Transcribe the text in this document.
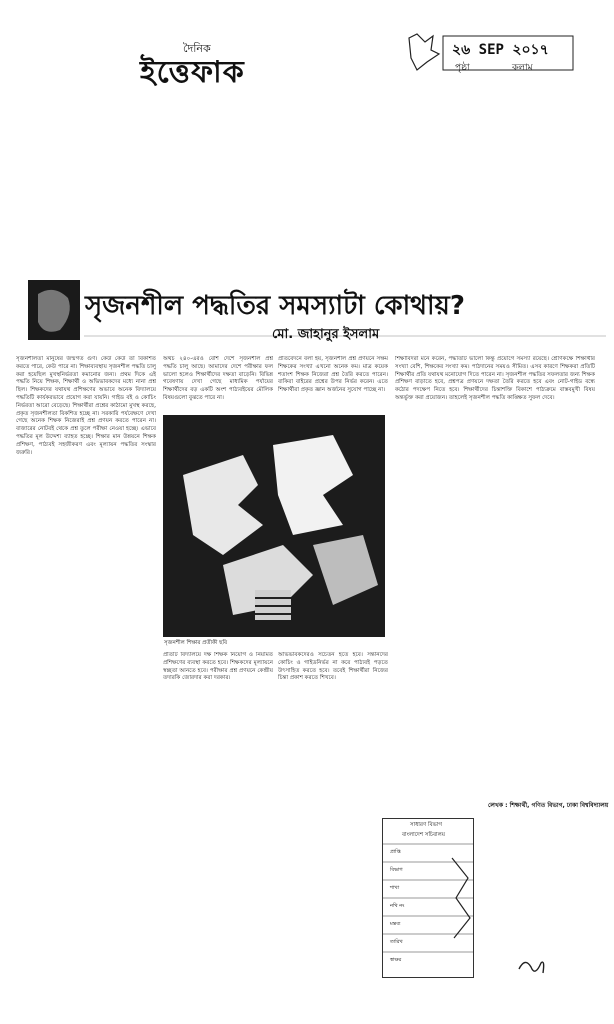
দৈনিক
ইত্তেফাক
২৬ SEP ২০১৭
পৃষ্ঠা	কলাম
সৃজনশীল পদ্ধতির সমস্যাটা কোথায়?
মো. জাহানুর ইসলাম

সৃজনশীলতা মানুষের জন্মগত গুণ। কেউ কেউ তা বিকশিত করতে পারে, কেউ পারে না। শিক্ষাব্যবস্থায় সৃজনশীল পদ্ধতি চালু করা হয়েছিল মুখস্থনির্ভরতা কমানোর জন্য। প্রথম দিকে এই পদ্ধতি নিয়ে শিক্ষক, শিক্ষার্থী ও অভিভাবকদের মধ্যে নানা প্রশ্ন ছিল। শিক্ষকদের যথাযথ প্রশিক্ষণের অভাবে অনেক বিদ্যালয়ে পদ্ধতিটি কার্যকরভাবে প্রয়োগ করা যায়নি। গাইড বই ও কোচিং নির্ভরতা আরো বেড়েছে। শিক্ষার্থীরা প্রশ্নের কাঠামো মুখস্থ করছে, প্রকৃত সৃজনশীলতা বিকশিত হচ্ছে না। সরকারি পর্যবেক্ষণে দেখা গেছে অনেক শিক্ষক নিজেরাই প্রশ্ন প্রণয়ন করতে পারেন না। বাজারের নোটবই থেকে প্রশ্ন তুলে পরীক্ষা নেওয়া হচ্ছে। এভাবে পদ্ধতির মূল উদ্দেশ্য ব্যাহত হচ্ছে। শিক্ষার মান উন্নয়নে শিক্ষক প্রশিক্ষণ, পাঠ্যবই সহজীকরণ এবং মূল্যায়ন পদ্ধতির সংস্কার জরুরি।

অথচ ২৪০-এরও বেশি দেশে সৃজনশীল প্রশ্ন পদ্ধতি চালু আছে। আমাদের দেশে পরীক্ষার ফল ভালো হলেও শিক্ষার্থীদের দক্ষতা বাড়েনি। বিভিন্ন গবেষণায় দেখা গেছে মাধ্যমিক পর্যায়ের শিক্ষার্থীদের বড় একটি অংশ পাঠ্যবইয়ের মৌলিক বিষয়গুলো বুঝতে পারে না।

প্রতিবেদনে বলা হয়, সৃজনশীল প্রশ্ন প্রণয়নে সক্ষম শিক্ষকের সংখ্যা এখনো অনেক কম। মাত্র কয়েক শতাংশ শিক্ষক নিজেরা প্রশ্ন তৈরি করতে পারেন। বাকিরা বাইরের প্রশ্নের উপর নির্ভর করেন। এতে শিক্ষার্থীরা প্রকৃত জ্ঞান অর্জনের সুযোগ পাচ্ছে না।

সৃজনশীল শিক্ষার প্রতীকী ছবি

প্রতিটি বিদ্যালয়ে দক্ষ শিক্ষক নিয়োগ ও নিয়মিত প্রশিক্ষণের ব্যবস্থা করতে হবে। শিক্ষকদের মূল্যায়নে স্বচ্ছতা আনতে হবে। পরীক্ষার প্রশ্ন প্রণয়নে কেন্দ্রীয় তদারকি জোরদার করা দরকার।

অভিভাবকদেরও সচেতন হতে হবে। সন্তানদের কোচিং ও গাইডনির্ভর না করে পাঠ্যবই পড়তে উৎসাহিত করতে হবে। তবেই শিক্ষার্থীরা নিজের চিন্তা প্রকাশ করতে শিখবে।

শিক্ষাবিদরা মনে করেন, পদ্ধতিটি ভালো কিন্তু প্রয়োগে সমস্যা রয়েছে। শ্রেণিকক্ষে শিক্ষার্থীর সংখ্যা বেশি, শিক্ষকের সংখ্যা কম। পাঠদানের সময়ও সীমিত। এসব কারণে শিক্ষকরা প্রতিটি শিক্ষার্থীর প্রতি যথাযথ মনোযোগ দিতে পারেন না। সৃজনশীল পদ্ধতির সফলতার জন্য শিক্ষক প্রশিক্ষণ বাড়াতে হবে, প্রশ্নপত্র প্রণয়নে দক্ষতা তৈরি করতে হবে এবং নোট-গাইড বন্ধে কঠোর পদক্ষেপ নিতে হবে। শিক্ষার্থীদের চিন্তাশক্তি বিকাশে পাঠ্যক্রমে বাস্তবমুখী বিষয় অন্তর্ভুক্ত করা প্রয়োজন। তাহলেই সৃজনশীল পদ্ধতি কাঙ্ক্ষিত সুফল দেবে।

লেখক : শিক্ষার্থী, গণিত বিভাগ, ঢাকা বিশ্ববিদ্যালয়
সাধারণ বিভাগ
বাংলাদেশ সচিবালয়
প্রাপ্তি
বিভাগ
শাখা
নথি নং
মন্তব্য
তারিখ
স্বাক্ষর
